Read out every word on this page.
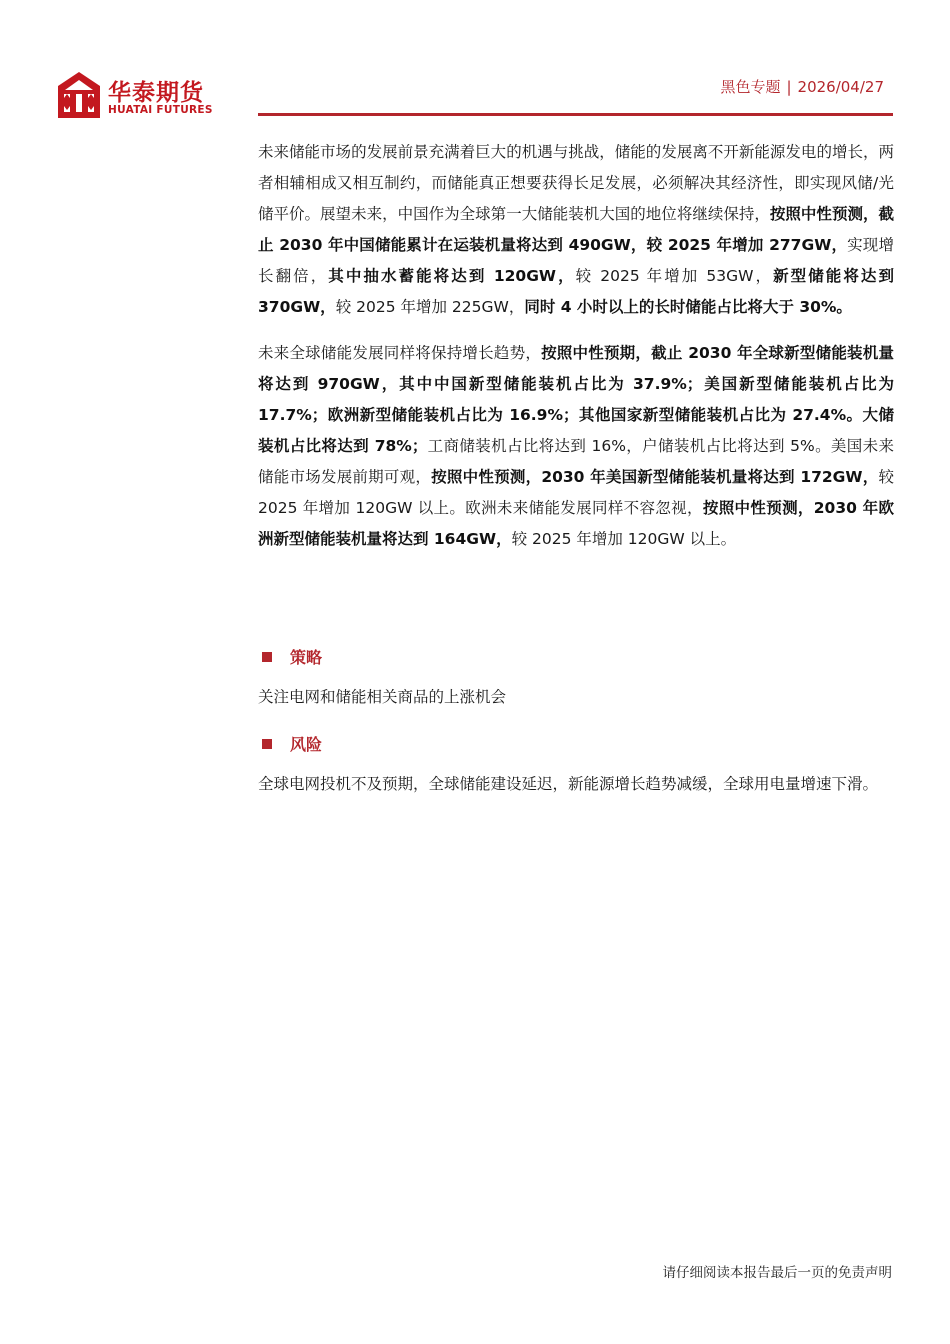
华泰期货
HUATAI FUTURES
黑色专题 | 2026/04/27

未来储能市场的发展前景充满着巨大的机遇与挑战，储能的发展离不开新能源发电的增长，两者相辅相成又相互制约，而储能真正想要获得长足发展，必须解决其经济性，即实现风储/光储平价。展望未来，中国作为全球第一大储能装机大国的地位将继续保持，按照中性预测，截止 2030 年中国储能累计在运装机量将达到 490GW，较 2025 年增加 277GW，实现增长翻倍，其中抽水蓄能将达到 120GW，较 2025 年增加 53GW，新型储能将达到 370GW，较 2025 年增加 225GW，同时 4 小时以上的长时储能占比将大于 30%。

未来全球储能发展同样将保持增长趋势，按照中性预期，截止 2030 年全球新型储能装机量将达到 970GW，其中中国新型储能装机占比为 37.9%；美国新型储能装机占比为 17.7%；欧洲新型储能装机占比为 16.9%；其他国家新型储能装机占比为 27.4%。大储装机占比将达到 78%；工商储装机占比将达到 16%，户储装机占比将达到 5%。美国未来储能市场发展前期可观，按照中性预测，2030 年美国新型储能装机量将达到 172GW，较 2025 年增加 120GW 以上。欧洲未来储能发展同样不容忽视，按照中性预测，2030 年欧洲新型储能装机量将达到 164GW，较 2025 年增加 120GW 以上。

策略

关注电网和储能相关商品的上涨机会

风险

全球电网投机不及预期，全球储能建设延迟，新能源增长趋势减缓，全球用电量增速下滑。

请仔细阅读本报告最后一页的免责声明
